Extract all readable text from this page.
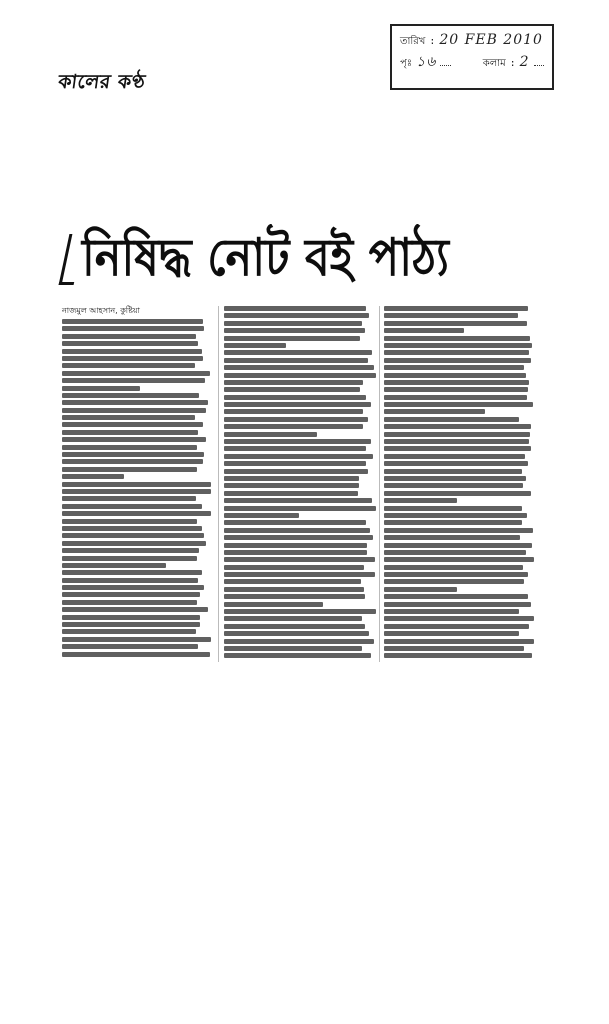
কালের কণ্ঠ
তারিখ : 20 FEB 2010
পৃঃ ১৬	কলাম : 2
নিষিদ্ধ নোট বই পাঠ্য
নাজমুল আহসান, কুষ্টিয়া
